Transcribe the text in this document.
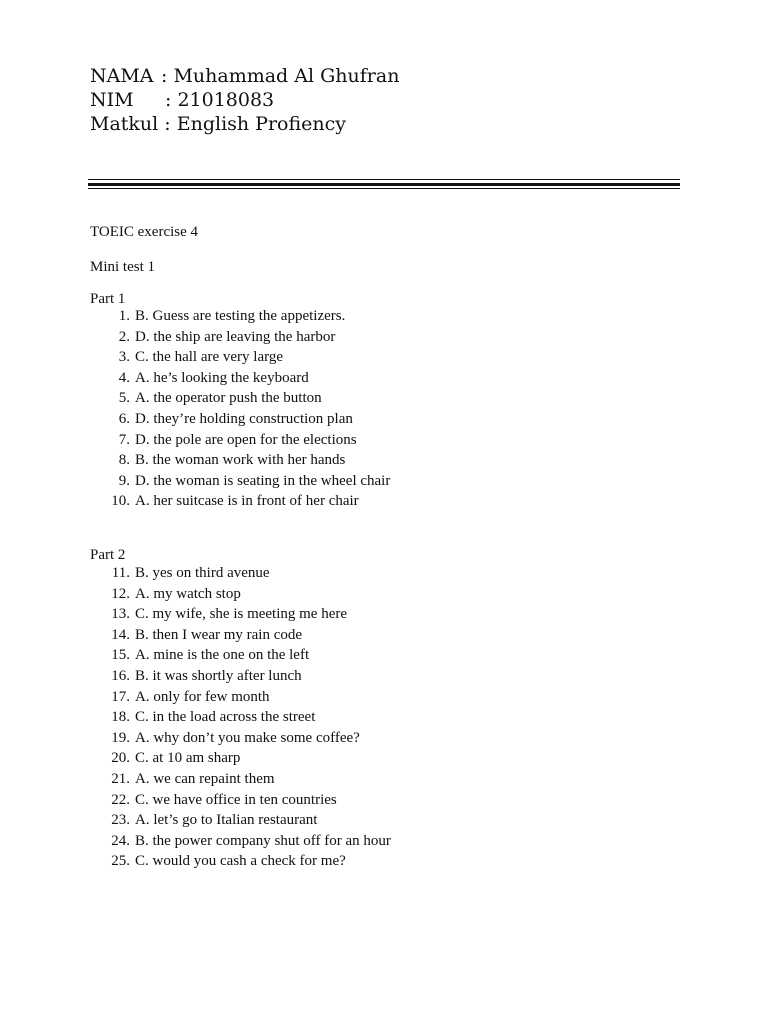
NAMA : Muhammad Al Ghufran
NIM : 21018083
Matkul : English Profiency
TOEIC exercise 4
Mini test 1
Part 1
1. B. Guess are testing the appetizers.
2. D. the ship are leaving the harbor
3. C. the hall are very large
4. A. he’s looking the keyboard
5. A. the operator push the button
6. D. they’re holding construction plan
7. D. the pole are open for the elections
8. B. the woman work with her hands
9. D. the woman is seating in the wheel chair
10. A. her suitcase is in front of her chair
Part 2
11. B. yes on third avenue
12. A. my watch stop
13. C. my wife, she is meeting me here
14. B. then I wear my rain code
15. A. mine is the one on the left
16. B. it was shortly after lunch
17. A. only for few month
18. C. in the load across the street
19. A. why don’t you make some coffee?
20. C. at 10 am sharp
21. A. we can repaint them
22. C. we have office in ten countries
23. A. let’s go to Italian restaurant
24. B. the power company shut off for an hour
25. C. would you cash a check for me?
